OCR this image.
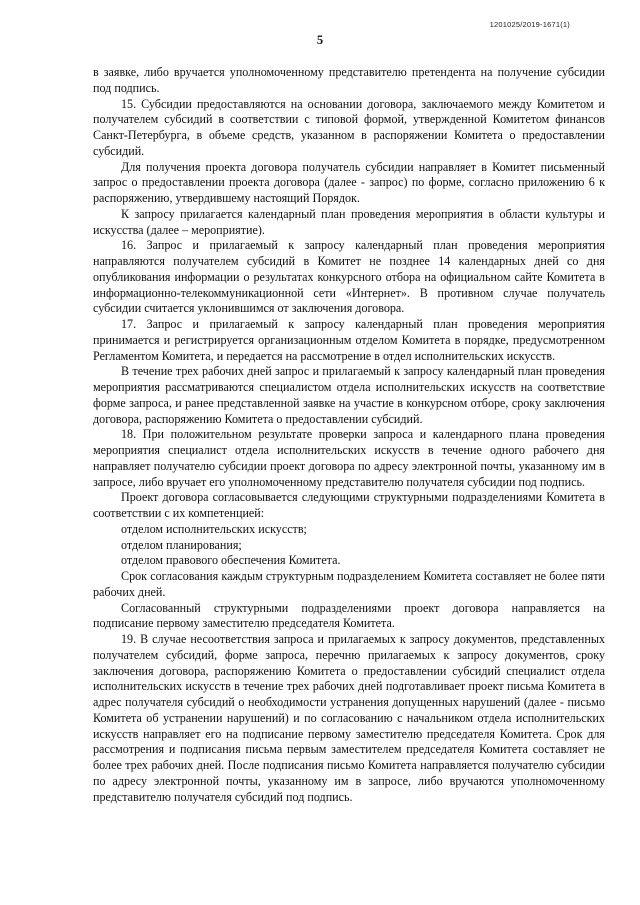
1201025/2019-1671(1)
5

в заявке, либо вручается уполномоченному представителю претендента на получение субсидии под подпись.

15. Субсидии предоставляются на основании договора, заключаемого между Комитетом и получателем субсидий в соответствии с типовой формой, утвержденной Комитетом финансов Санкт-Петербурга, в объеме средств, указанном в распоряжении Комитета о предоставлении субсидий.

Для получения проекта договора получатель субсидии направляет в Комитет письменный запрос о предоставлении проекта договора (далее - запрос) по форме, согласно приложению 6 к распоряжению, утвердившему настоящий Порядок.

К запросу прилагается календарный план проведения мероприятия в области культуры и искусства (далее – мероприятие).

16. Запрос и прилагаемый к запросу календарный план проведения мероприятия направляются получателем субсидий в Комитет не позднее 14 календарных дней со дня опубликования информации о результатах конкурсного отбора на официальном сайте Комитета в информационно-телекоммуникационной сети «Интернет». В противном случае получатель субсидии считается уклонившимся от заключения договора.

17. Запрос и прилагаемый к запросу календарный план проведения мероприятия принимается и регистрируется организационным отделом Комитета в порядке, предусмотренном Регламентом Комитета, и передается на рассмотрение в отдел исполнительских искусств.

В течение трех рабочих дней запрос и прилагаемый к запросу календарный план проведения мероприятия рассматриваются специалистом отдела исполнительских искусств на соответствие форме запроса, и ранее представленной заявке на участие в конкурсном отборе, сроку заключения договора, распоряжению Комитета о предоставлении субсидий.

18. При положительном результате проверки запроса и календарного плана проведения мероприятия специалист отдела исполнительских искусств в течение одного рабочего дня направляет получателю субсидии проект договора по адресу электронной почты, указанному им в запросе, либо вручает его уполномоченному представителю получателя субсидии под подпись.

Проект договора согласовывается следующими структурными подразделениями Комитета в соответствии с их компетенцией:

отделом исполнительских искусств;

отделом планирования;

отделом правового обеспечения Комитета.

Срок согласования каждым структурным подразделением Комитета составляет не более пяти рабочих дней.

Согласованный структурными подразделениями проект договора направляется на подписание первому заместителю председателя Комитета.

19. В случае несоответствия запроса и прилагаемых к запросу документов, представленных получателем субсидий, форме запроса, перечню прилагаемых к запросу документов, сроку заключения договора, распоряжению Комитета о предоставлении субсидий специалист отдела исполнительских искусств в течение трех рабочих дней подготавливает проект письма Комитета в адрес получателя субсидий о необходимости устранения допущенных нарушений (далее - письмо Комитета об устранении нарушений) и по согласованию с начальником отдела исполнительских искусств направляет его на подписание первому заместителю председателя Комитета. Срок для рассмотрения и подписания письма первым заместителем председателя Комитета составляет не более трех рабочих дней. После подписания письмо Комитета направляется получателю субсидии по адресу электронной почты, указанному им в запросе, либо вручаются уполномоченному представителю получателя субсидий под подпись.
